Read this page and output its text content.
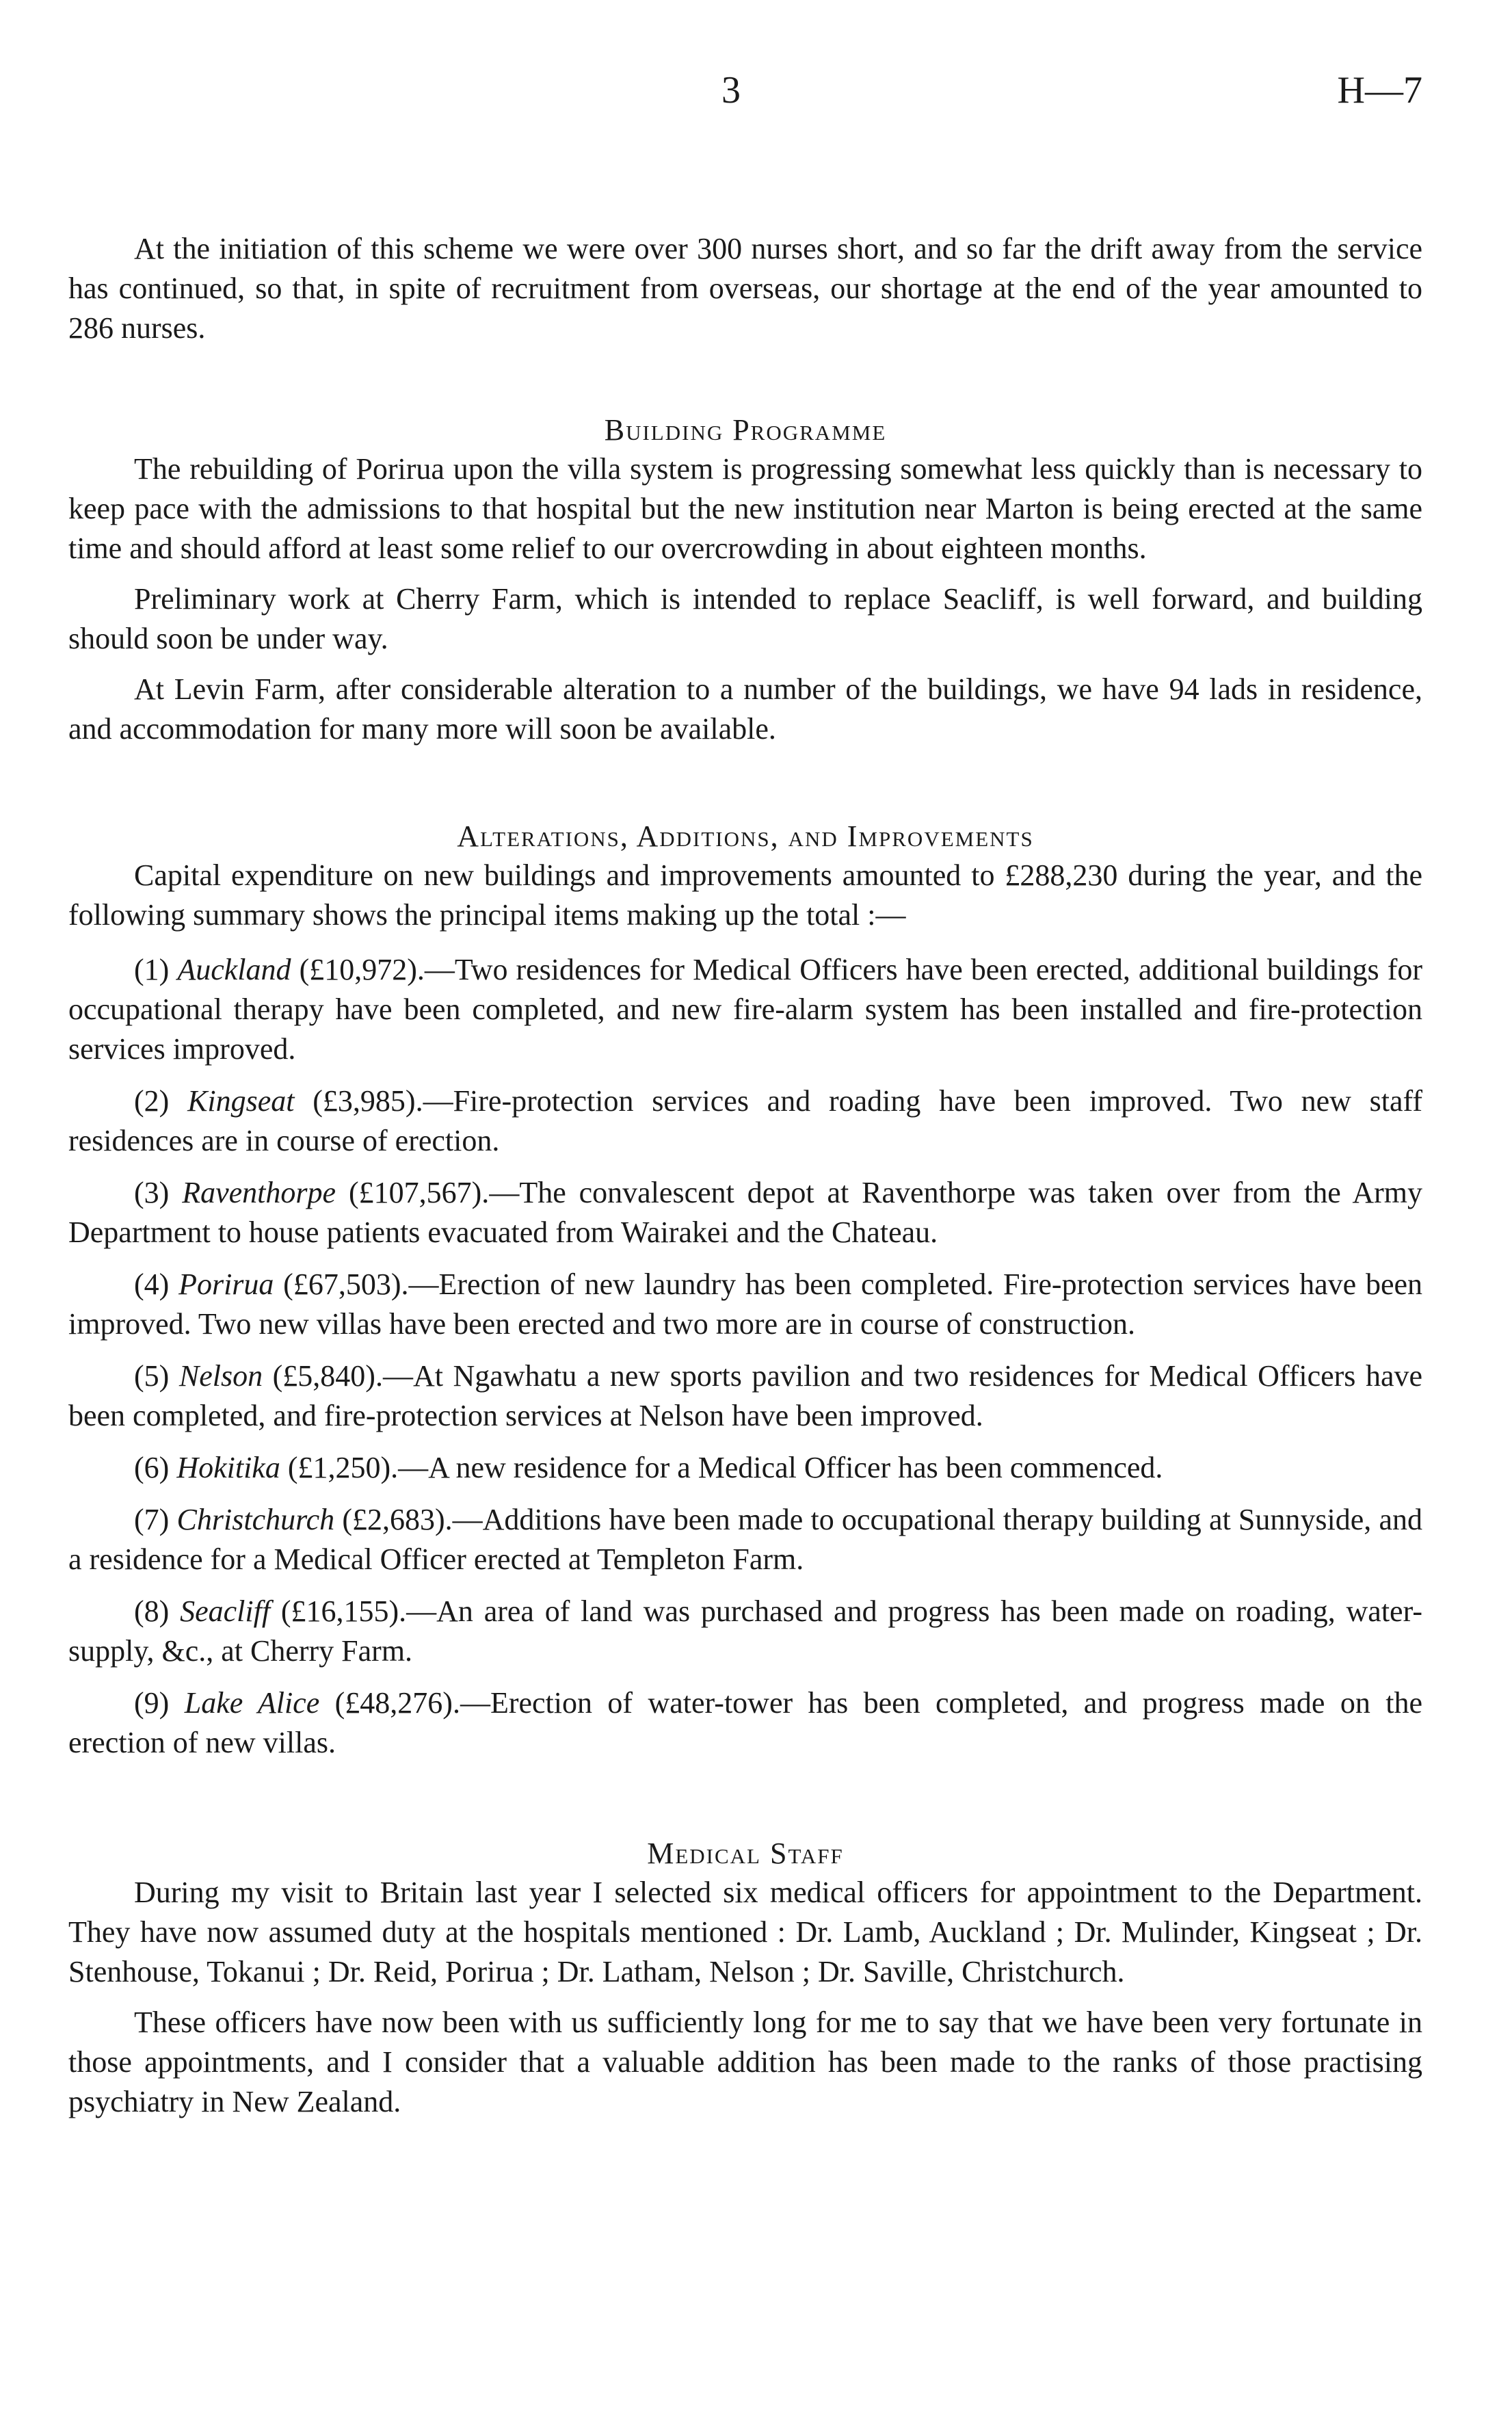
3	H—7

At the initiation of this scheme we were over 300 nurses short, and so far the drift away from the service has continued, so that, in spite of recruitment from overseas, our shortage at the end of the year amounted to 286 nurses.

Building Programme

The rebuilding of Porirua upon the villa system is progressing somewhat less quickly than is necessary to keep pace with the admissions to that hospital but the new institution near Marton is being erected at the same time and should afford at least some relief to our overcrowding in about eighteen months.

Preliminary work at Cherry Farm, which is intended to replace Seacliff, is well forward, and building should soon be under way.

At Levin Farm, after considerable alteration to a number of the buildings, we have 94 lads in residence, and accommodation for many more will soon be available.

Alterations, Additions, and Improvements

Capital expenditure on new buildings and improvements amounted to £288,230 during the year, and the following summary shows the principal items making up the total :—

(1) Auckland (£10,972).—Two residences for Medical Officers have been erected, additional buildings for occupational therapy have been completed, and new fire-alarm system has been installed and fire-protection services improved.
(2) Kingseat (£3,985).—Fire-protection services and roading have been improved. Two new staff residences are in course of erection.
(3) Raventhorpe (£107,567).—The convalescent depot at Raventhorpe was taken over from the Army Department to house patients evacuated from Wairakei and the Chateau.
(4) Porirua (£67,503).—Erection of new laundry has been completed. Fire-protection services have been improved. Two new villas have been erected and two more are in course of construction.
(5) Nelson (£5,840).—At Ngawhatu a new sports pavilion and two residences for Medical Officers have been completed, and fire-protection services at Nelson have been improved.
(6) Hokitika (£1,250).—A new residence for a Medical Officer has been commenced.
(7) Christchurch (£2,683).—Additions have been made to occupational therapy building at Sunnyside, and a residence for a Medical Officer erected at Templeton Farm.
(8) Seacliff (£16,155).—An area of land was purchased and progress has been made on roading, water-supply, &c., at Cherry Farm.
(9) Lake Alice (£48,276).—Erection of water-tower has been completed, and progress made on the erection of new villas.
Medical Staff

During my visit to Britain last year I selected six medical officers for appointment to the Department. They have now assumed duty at the hospitals mentioned : Dr. Lamb, Auckland ; Dr. Mulinder, Kingseat ; Dr. Stenhouse, Tokanui ; Dr. Reid, Porirua ; Dr. Latham, Nelson ; Dr. Saville, Christchurch.

These officers have now been with us sufficiently long for me to say that we have been very fortunate in those appointments, and I consider that a valuable addition has been made to the ranks of those practising psychiatry in New Zealand.
